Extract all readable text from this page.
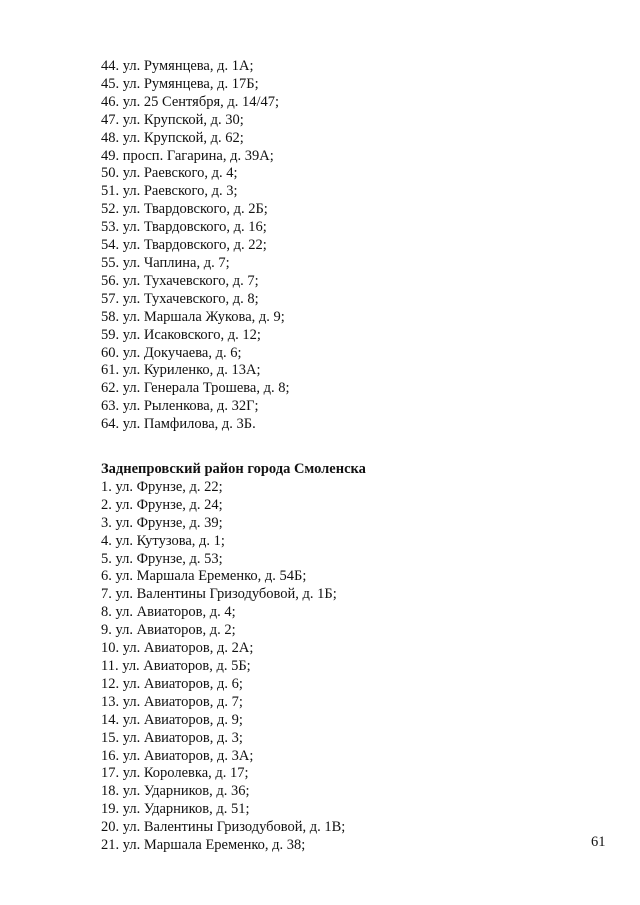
44. ул. Румянцева, д. 1А;
45. ул. Румянцева, д. 17Б;
46. ул. 25 Сентября, д. 14/47;
47. ул. Крупской, д. 30;
48. ул. Крупской, д. 62;
49. просп. Гагарина, д. 39А;
50. ул. Раевского, д. 4;
51. ул. Раевского, д. 3;
52. ул. Твардовского, д. 2Б;
53. ул. Твардовского, д. 16;
54. ул. Твардовского, д. 22;
55. ул. Чаплина, д. 7;
56. ул. Тухачевского, д. 7;
57. ул. Тухачевского, д. 8;
58. ул. Маршала Жукова, д. 9;
59. ул. Исаковского, д. 12;
60. ул. Докучаева, д. 6;
61. ул. Куриленко, д. 13А;
62. ул. Генерала Трошева, д. 8;
63. ул. Рыленкова, д. 32Г;
64. ул. Памфилова, д. 3Б.
Заднепровский район города Смоленска
1. ул. Фрунзе, д. 22;
2. ул. Фрунзе, д. 24;
3. ул. Фрунзе, д. 39;
4. ул. Кутузова, д. 1;
5. ул. Фрунзе, д. 53;
6. ул. Маршала Еременко, д. 54Б;
7. ул. Валентины Гризодубовой, д. 1Б;
8. ул. Авиаторов, д. 4;
9. ул. Авиаторов, д. 2;
10. ул. Авиаторов, д. 2А;
11. ул. Авиаторов, д. 5Б;
12. ул. Авиаторов, д. 6;
13. ул. Авиаторов, д. 7;
14. ул. Авиаторов, д. 9;
15. ул. Авиаторов, д. 3;
16. ул. Авиаторов, д. 3А;
17. ул. Королевка, д. 17;
18. ул. Ударников, д. 36;
19. ул. Ударников, д. 51;
20. ул. Валентины Гризодубовой, д. 1В;
21. ул. Маршала Еременко, д. 38;	61
